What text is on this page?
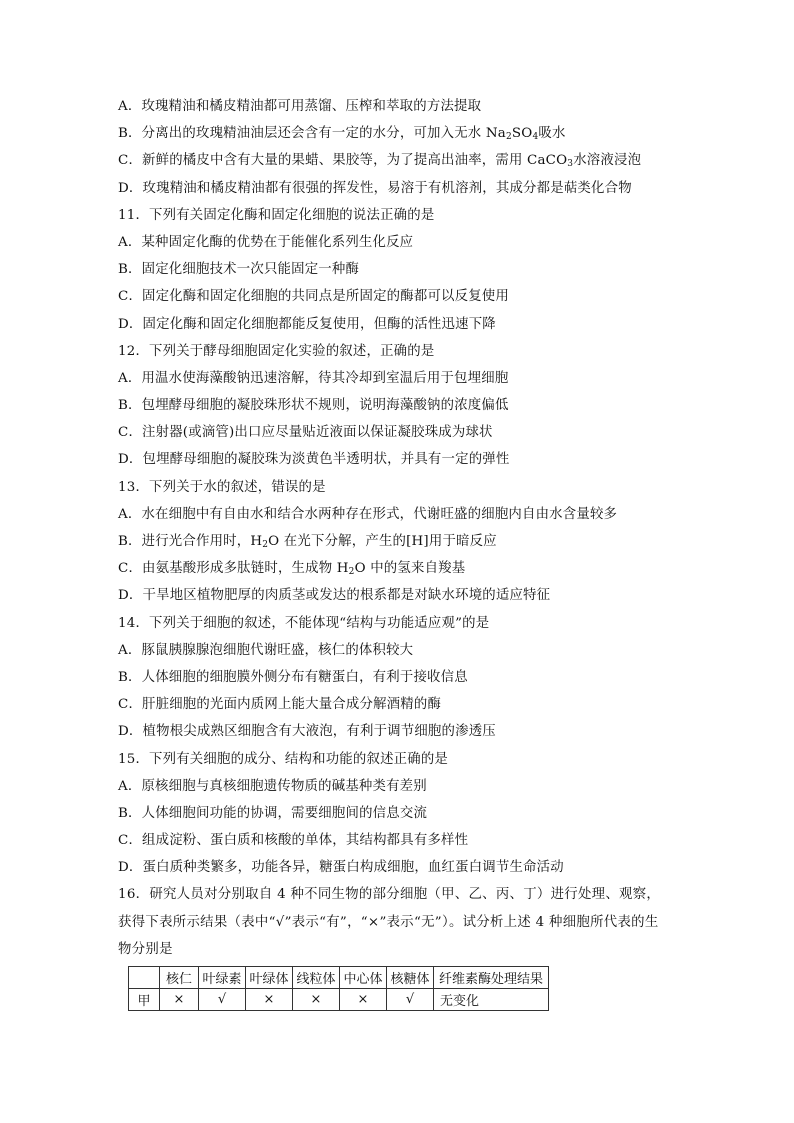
A．玫瑰精油和橘皮精油都可用蒸馏、压榨和萃取的方法提取
B．分离出的玫瑰精油油层还会含有一定的水分，可加入无水 $Na_2SO_4$吸水
C．新鲜的橘皮中含有大量的果蜡、果胶等，为了提高出油率，需用 CaCO$_3$水溶液浸泡
D．玫瑰精油和橘皮精油都有很强的挥发性，易溶于有机溶剂，其成分都是萜类化合物
11．下列有关固定化酶和固定化细胞的说法正确的是
A．某种固定化酶的优势在于能催化系列生化反应
B．固定化细胞技术一次只能固定一种酶
C．固定化酶和固定化细胞的共同点是所固定的酶都可以反复使用
D．固定化酶和固定化细胞都能反复使用，但酶的活性迅速下降
12．下列关于酵母细胞固定化实验的叙述，正确的是
A．用温水使海藻酸钠迅速溶解，待其冷却到室温后用于包埋细胞
B．包埋酵母细胞的凝胶珠形状不规则，说明海藻酸钠的浓度偏低
C．注射器(或滴管)出口应尽量贴近液面以保证凝胶珠成为球状
D．包埋酵母细胞的凝胶珠为淡黄色半透明状，并具有一定的弹性
13．下列关于水的叙述，错误的是
A．水在细胞中有自由水和结合水两种存在形式，代谢旺盛的细胞内自由水含量较多
B．进行光合作用时，$H_2O$ 在光下分解，产生的[H]用于暗反应
C．由氨基酸形成多肽链时，生成物 $H_2O$ 中的氢来自羧基
D．干旱地区植物肥厚的肉质茎或发达的根系都是对缺水环境的适应特征
14．下列关于细胞的叙述，不能体现“结构与功能适应观”的是
A．豚鼠胰腺腺泡细胞代谢旺盛，核仁的体积较大
B．人体细胞的细胞膜外侧分布有糖蛋白，有利于接收信息
C．肝脏细胞的光面内质网上能大量合成分解酒精的酶
D．植物根尖成熟区细胞含有大液泡，有利于调节细胞的渗透压
15．下列有关细胞的成分、结构和功能的叙述正确的是
A．原核细胞与真核细胞遗传物质的碱基种类有差别
B．人体细胞间功能的协调，需要细胞间的信息交流
C．组成淀粉、蛋白质和核酸的单体，其结构都具有多样性
D．蛋白质种类繁多，功能各异，糖蛋白构成细胞，血红蛋白调节生命活动
16．研究人员对分别取自 4 种不同生物的部分细胞（甲、乙、丙、丁）进行处理、观察，获得下表所示结果（表中“√”表示“有”，“×”表示“无”）。试分析上述 4 种细胞所代表的生物分别是
	核仁	叶绿素	叶绿体	线粒体	中心体	核糖体	纤维素酶处理结果
甲	×	√	×	×	×	√	无变化
